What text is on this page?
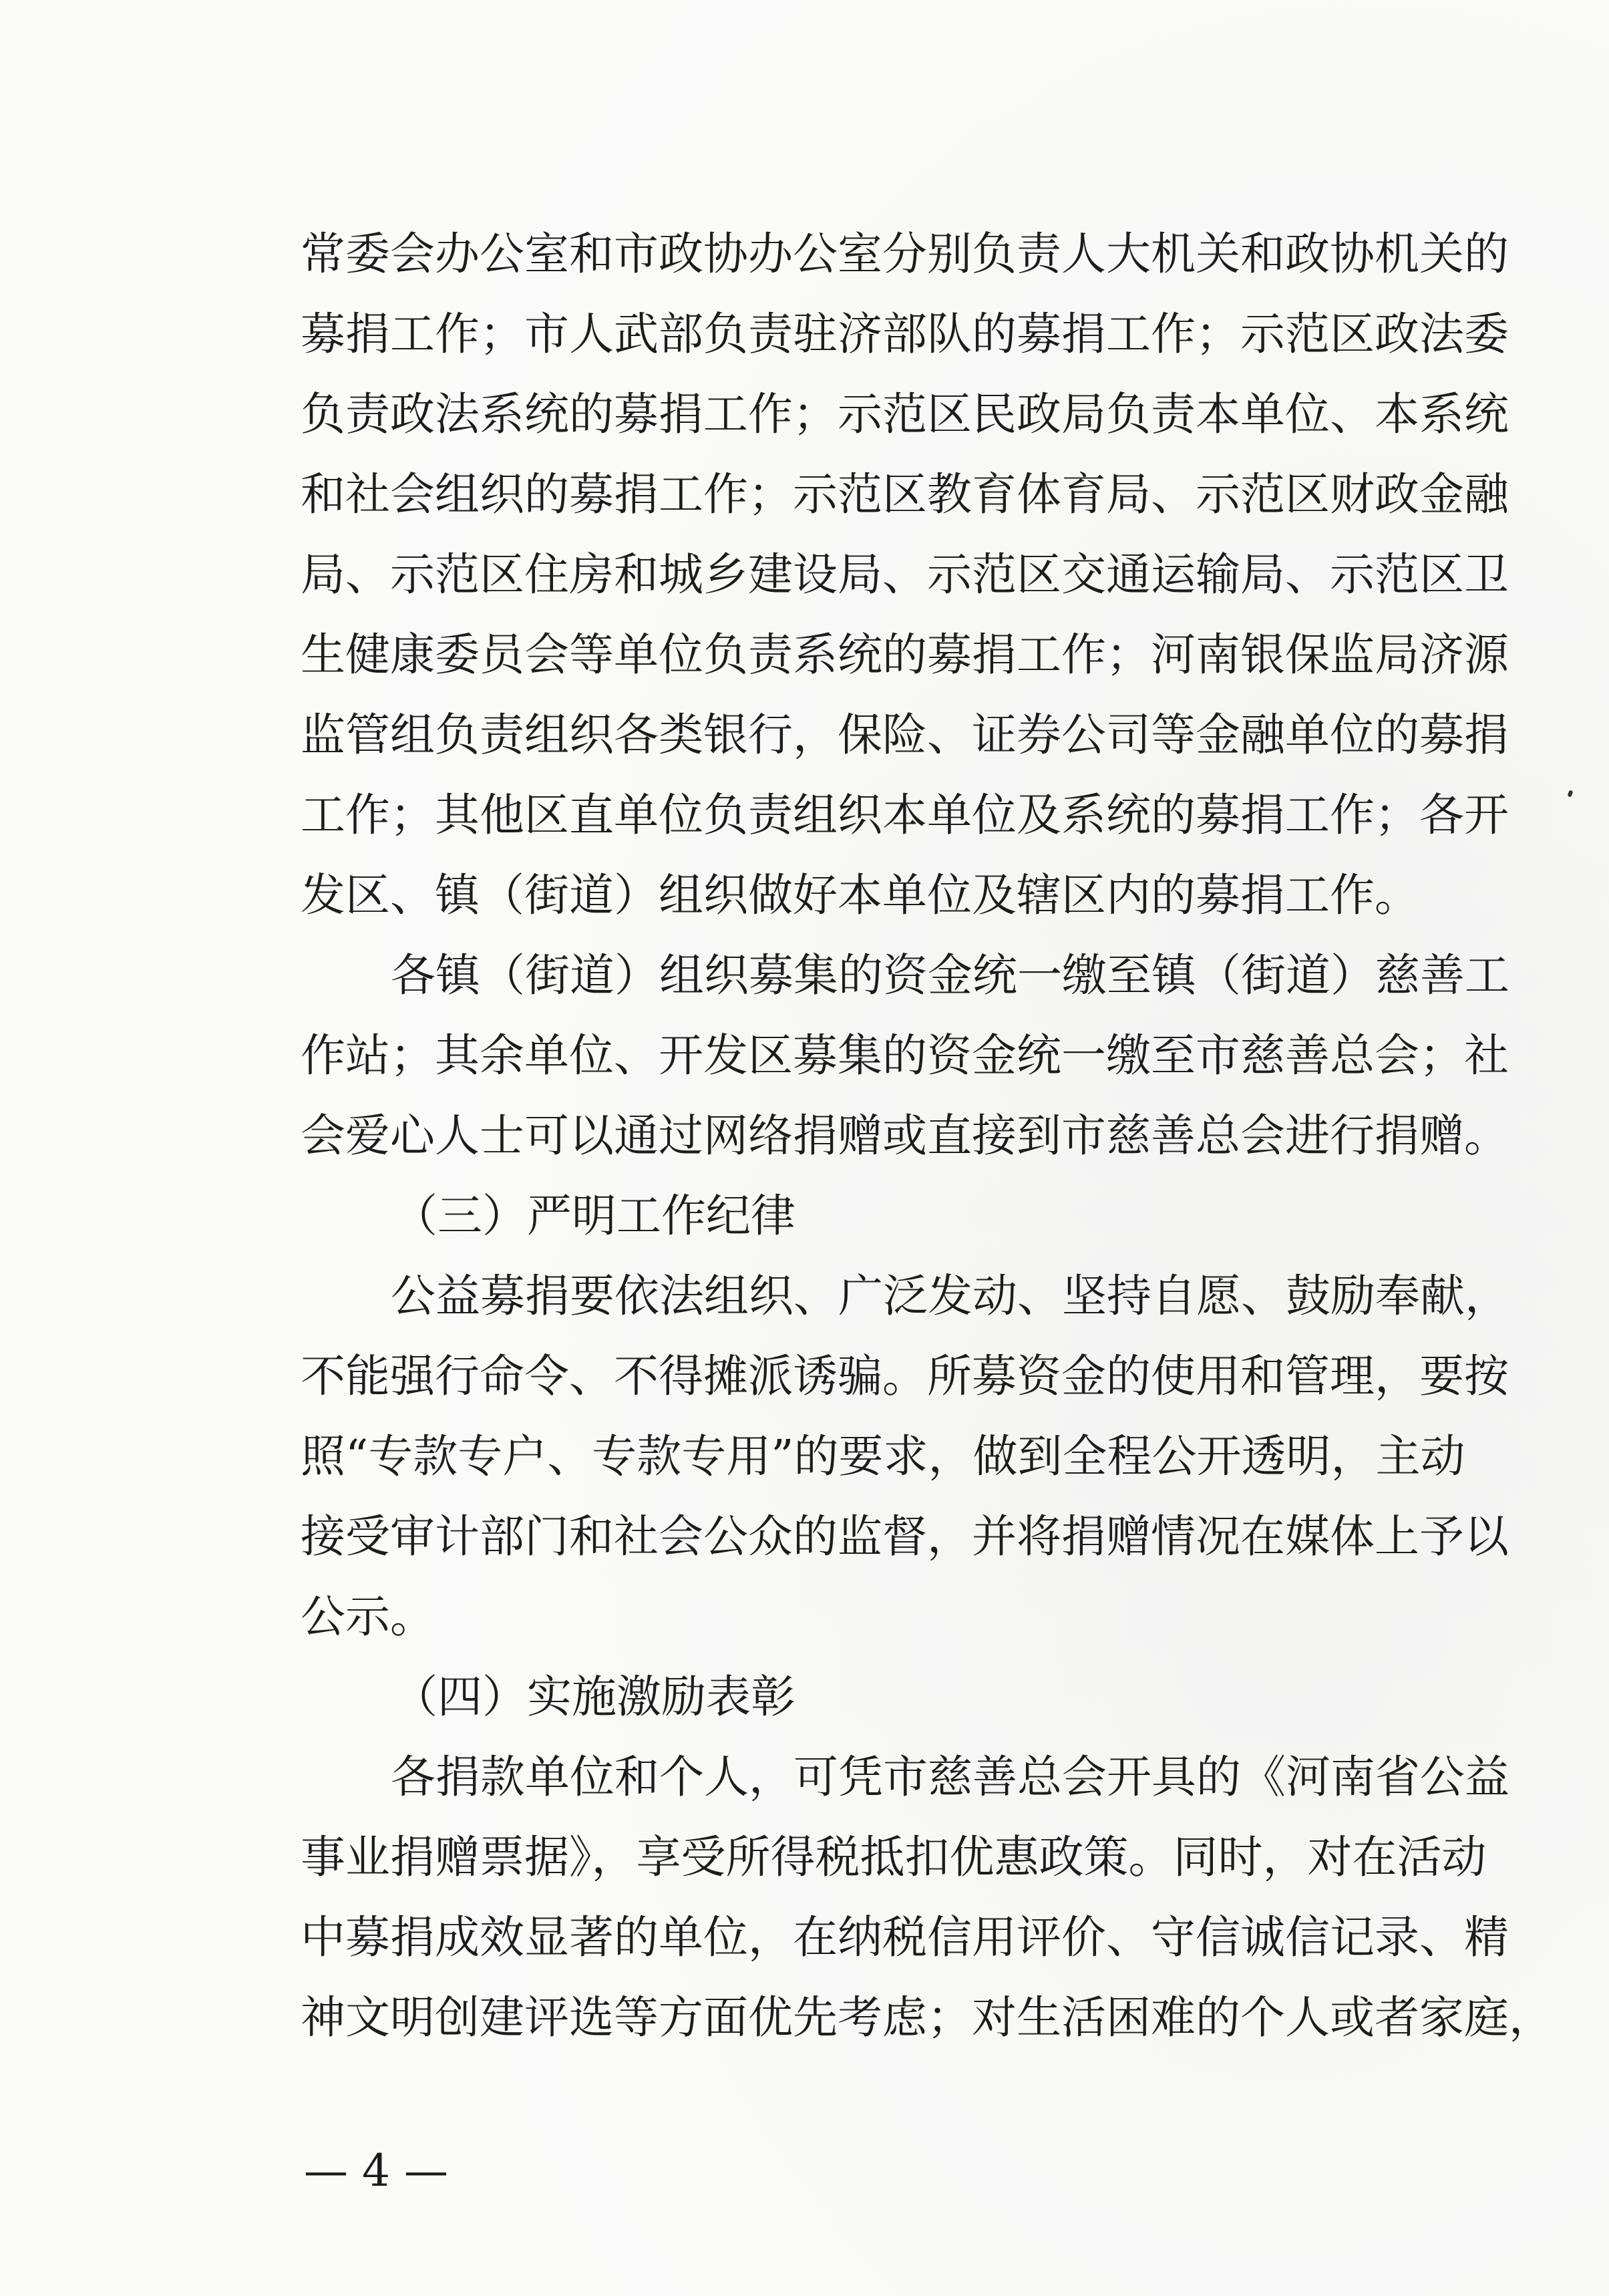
常委会办公室和市政协办公室分别负责人大机关和政协机关的
募捐工作；市人武部负责驻济部队的募捐工作；示范区政法委
负责政法系统的募捐工作；示范区民政局负责本单位、本系统
和社会组织的募捐工作；示范区教育体育局、示范区财政金融
局、示范区住房和城乡建设局、示范区交通运输局、示范区卫
生健康委员会等单位负责系统的募捐工作；河南银保监局济源
监管组负责组织各类银行，保险、证券公司等金融单位的募捐
工作；其他区直单位负责组织本单位及系统的募捐工作；各开
发区、镇（街道）组织做好本单位及辖区内的募捐工作。
各镇（街道）组织募集的资金统一缴至镇（街道）慈善工
作站；其余单位、开发区募集的资金统一缴至市慈善总会；社
会爱心人士可以通过网络捐赠或直接到市慈善总会进行捐赠。
（三）严明工作纪律
公益募捐要依法组织、广泛发动、坚持自愿、鼓励奉献，
不能强行命令、不得摊派诱骗。所募资金的使用和管理，要按
照“专款专户、专款专用”的要求，做到全程公开透明，主动
接受审计部门和社会公众的监督，并将捐赠情况在媒体上予以
公示。
（四）实施激励表彰
各捐款单位和个人，可凭市慈善总会开具的《河南省公益
事业捐赠票据》，享受所得税抵扣优惠政策。同时，对在活动
中募捐成效显著的单位，在纳税信用评价、守信诚信记录、精
神文明创建评选等方面优先考虑；对生活困难的个人或者家庭，
— 4 —
